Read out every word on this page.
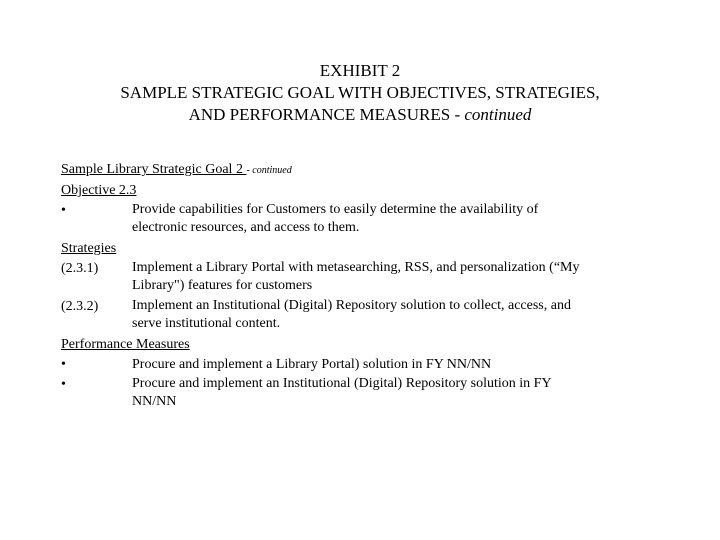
EXHIBIT 2
SAMPLE STRATEGIC GOAL WITH OBJECTIVES, STRATEGIES,
AND PERFORMANCE MEASURES - continued
Sample Library Strategic Goal 2 - continued
Objective 2.3
•	Provide capabilities for Customers to easily determine the availability of
electronic resources, and access to them.
Strategies
(2.3.1)	Implement a Library Portal with metasearching, RSS, and personalization (“My
Library") features for customers
(2.3.2)	Implement an Institutional (Digital) Repository solution to collect, access, and
serve institutional content.
Performance Measures
•	Procure and implement a Library Portal) solution in FY NN/NN
•	Procure and implement an Institutional (Digital) Repository solution in FY
NN/NN
